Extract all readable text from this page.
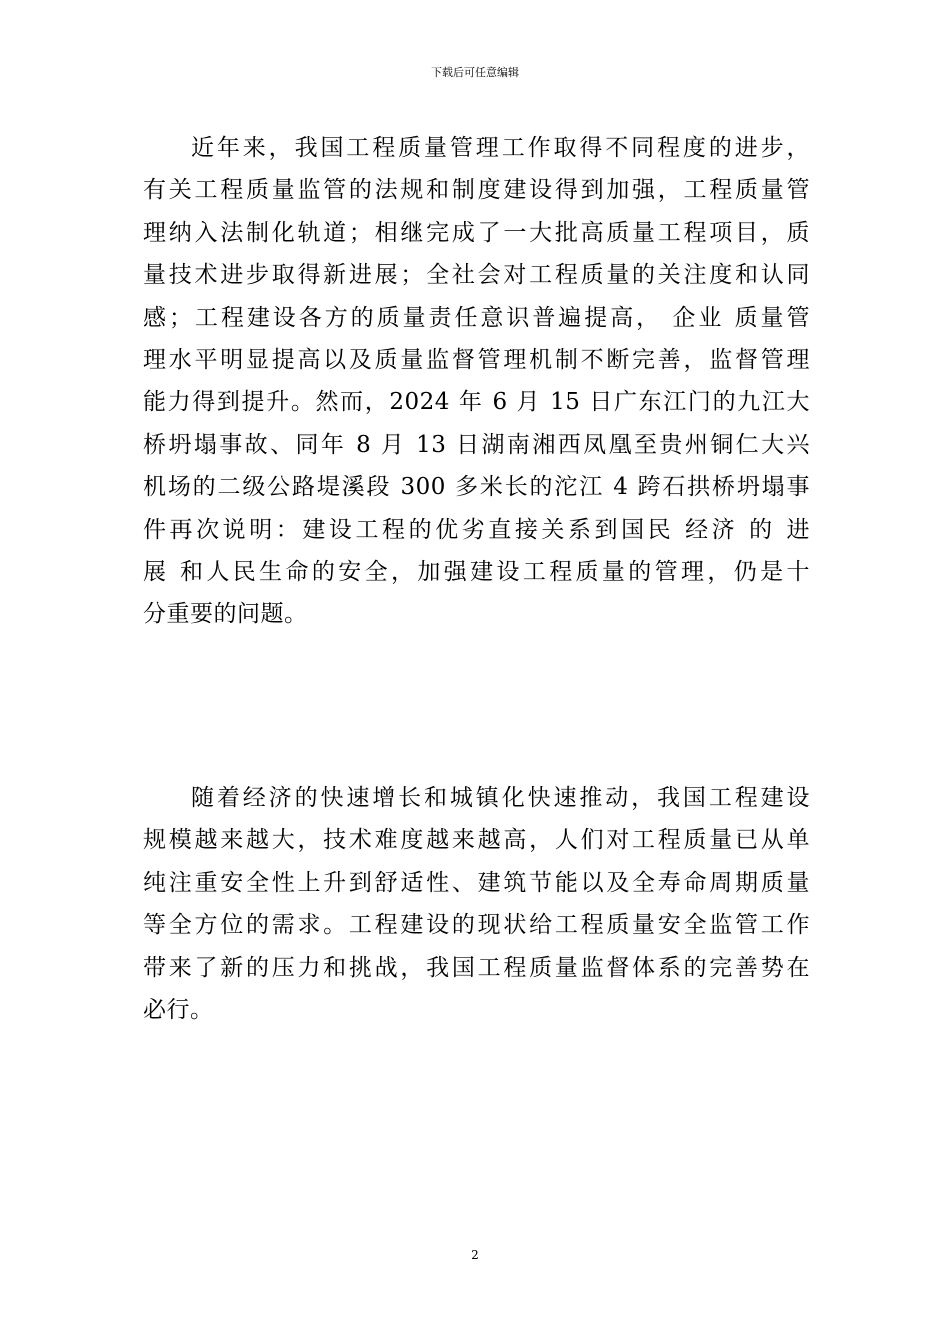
下载后可任意编辑
近年来，我国工程质量管理工作取得不同程度的进步，
有关工程质量监管的法规和制度建设得到加强，工程质量管
理纳入法制化轨道；相继完成了一大批高质量工程项目，质
量技术进步取得新进展；全社会对工程质量的关注度和认同
感；工程建设各方的质量责任意识普遍提高， 企业 质量管
理水平明显提高以及质量监督管理机制不断完善，监督管理
能力得到提升。然而，2024 年 6 月 15 日广东江门的九江大
桥坍塌事故、同年 8 月 13 日湖南湘西凤凰至贵州铜仁大兴
机场的二级公路堤溪段 300 多米长的沱江 4 跨石拱桥坍塌事
件再次说明：建设工程的优劣直接关系到国民 经济 的 进
展 和人民生命的安全，加强建设工程质量的管理，仍是十
分重要的问题。
随着经济的快速增长和城镇化快速推动，我国工程建设
规模越来越大，技术难度越来越高，人们对工程质量已从单
纯注重安全性上升到舒适性、建筑节能以及全寿命周期质量
等全方位的需求。工程建设的现状给工程质量安全监管工作
带来了新的压力和挑战，我国工程质量监督体系的完善势在
必行。
2
